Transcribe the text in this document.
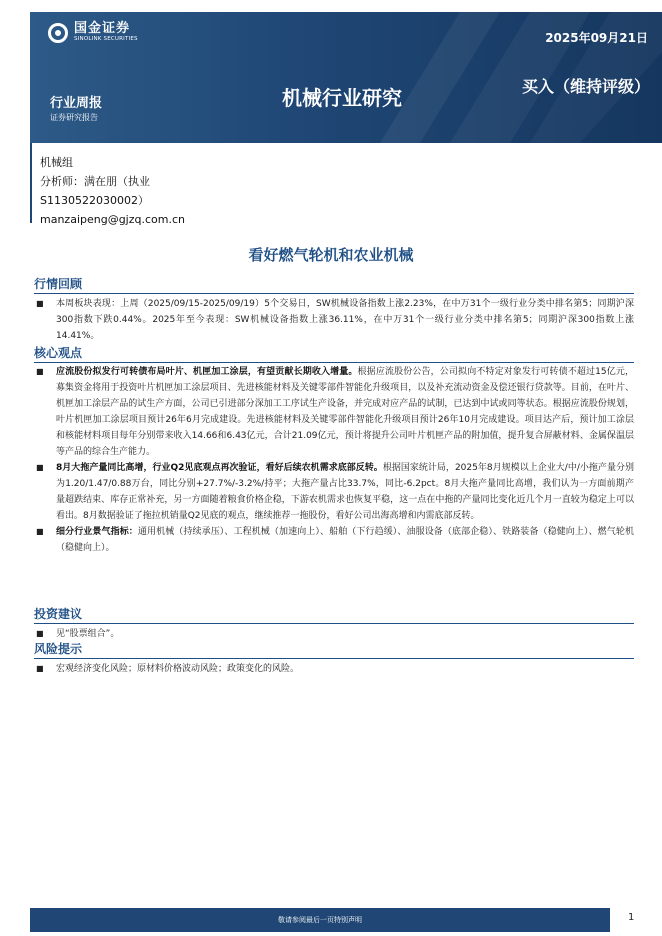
国金证券
SINOLINK SECURITIES	2025年09月21日
机械行业研究	买入（维持评级）
行业周报
证券研究报告
机械组
分析师：满在朋（执业
S1130522030002）
manzaipeng@gjzq.com.cn
看好燃气轮机和农业机械
行情回顾
■	本周板块表现：上周（2025/09/15-2025/09/19）5个交易日，SW机械设备指数上涨2.23%，在中万31个一级行业分类中排名第5；同期沪深300指数下跌0.44%。2025年至今表现：SW机械设备指数上涨36.11%，在中万31个一级行业分类中排名第5；同期沪深300指数上涨14.41%。
核心观点
■	应流股份拟发行可转债布局叶片、机匣加工涂层，有望贡献长期收入增量。根据应流股份公告，公司拟向不特定对象发行可转债不超过15亿元，募集资金将用于投资叶片机匣加工涂层项目、先进核能材料及关键零部件智能化升级项目，以及补充流动资金及偿还银行贷款等。目前，在叶片、机匣加工涂层产品的试生产方面，公司已引进部分深加工工序试生产设备，并完成对应产品的试制，已达到中试或同等状态。根据应流股份规划，叶片机匣加工涂层项目预计26年6月完成建设。先进核能材料及关键零部件智能化升级项目预计26年10月完成建设。项目达产后，预计加工涂层和核能材料项目每年分别带来收入14.66和6.43亿元，合计21.09亿元，预计将提升公司叶片机匣产品的附加值，提升复合屏蔽材料、金属保温层等产品的综合生产能力。
■	8月大拖产量同比高增，行业Q2见底观点再次验证，看好后续农机需求底部反转。根据国家统计局，2025年8月规模以上企业大/中/小拖产量分别为1.20/1.47/0.88万台，同比分别+27.7%/-3.2%/持平；大拖产量占比33.7%，同比-6.2pct。8月大拖产量同比高增，我们认为一方面前期产量超跌结束、库存正常补充，另一方面随着粮食价格企稳，下游农机需求也恢复平稳，这一点在中拖的产量同比变化近几个月一直较为稳定上可以看出。8月数据验证了拖拉机销量Q2见底的观点，继续推荐一拖股份，看好公司出海高增和内需底部反转。
■	细分行业景气指标：通用机械（持续承压）、工程机械（加速向上）、船舶（下行趋缓）、油服设备（底部企稳）、铁路装备（稳健向上）、燃气轮机（稳健向上）。
投资建议
■	见“股票组合”。
风险提示
■	宏观经济变化风险；原材料价格波动风险；政策变化的风险。
敬请参阅最后一页特别声明	1
